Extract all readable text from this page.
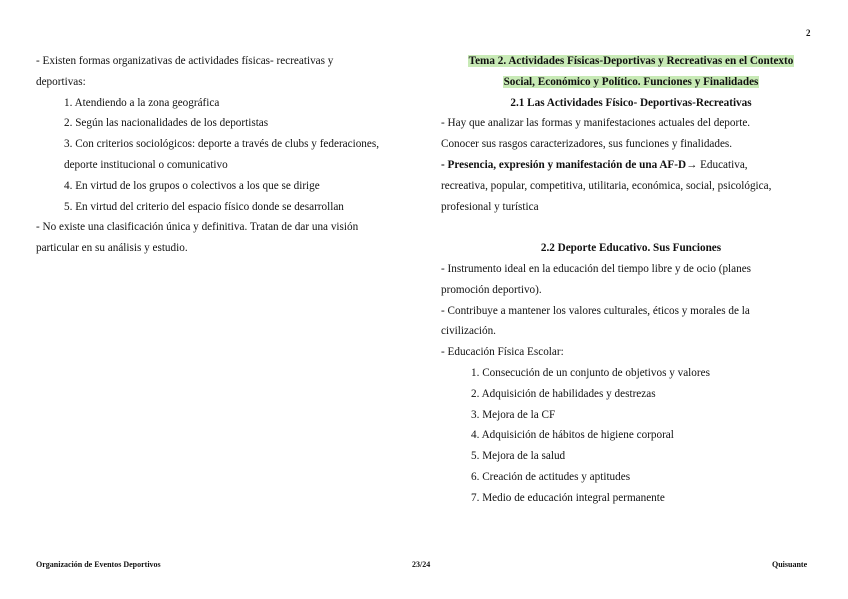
2
- Existen formas organizativas de actividades físicas- recreativas y
deportivas:
1. Atendiendo a la zona geográfica
2. Según las nacionalidades de los deportistas
3. Con criterios sociológicos: deporte a través de clubs y federaciones,
deporte institucional o comunicativo
4. En virtud de los grupos o colectivos a los que se dirige
5. En virtud del criterio del espacio físico donde se desarrollan
- No existe una clasificación única y definitiva. Tratan de dar una visión
particular en su análisis y estudio.
Tema 2. Actividades Físicas-Deportivas y Recreativas en el Contexto
Social, Económico y Político. Funciones y Finalidades
2.1 Las Actividades Físico- Deportivas-Recreativas
- Hay que analizar las formas y manifestaciones actuales del deporte.
Conocer sus rasgos caracterizadores, sus funciones y finalidades.
- Presencia, expresión y manifestación de una AF-D→ Educativa,
recreativa, popular, competitiva, utilitaria, económica, social, psicológica,
profesional y turística
2.2 Deporte Educativo. Sus Funciones
- Instrumento ideal en la educación del tiempo libre y de ocio (planes
promoción deportivo).
- Contribuye a mantener los valores culturales, éticos y morales de la
civilización.
- Educación Física Escolar:
1. Consecución de un conjunto de objetivos y valores
2. Adquisición de habilidades y destrezas
3. Mejora de la CF
4. Adquisición de hábitos de higiene corporal
5. Mejora de la salud
6. Creación de actitudes y aptitudes
7. Medio de educación integral permanente
Organización de Eventos Deportivos	23/24	Quisuante
